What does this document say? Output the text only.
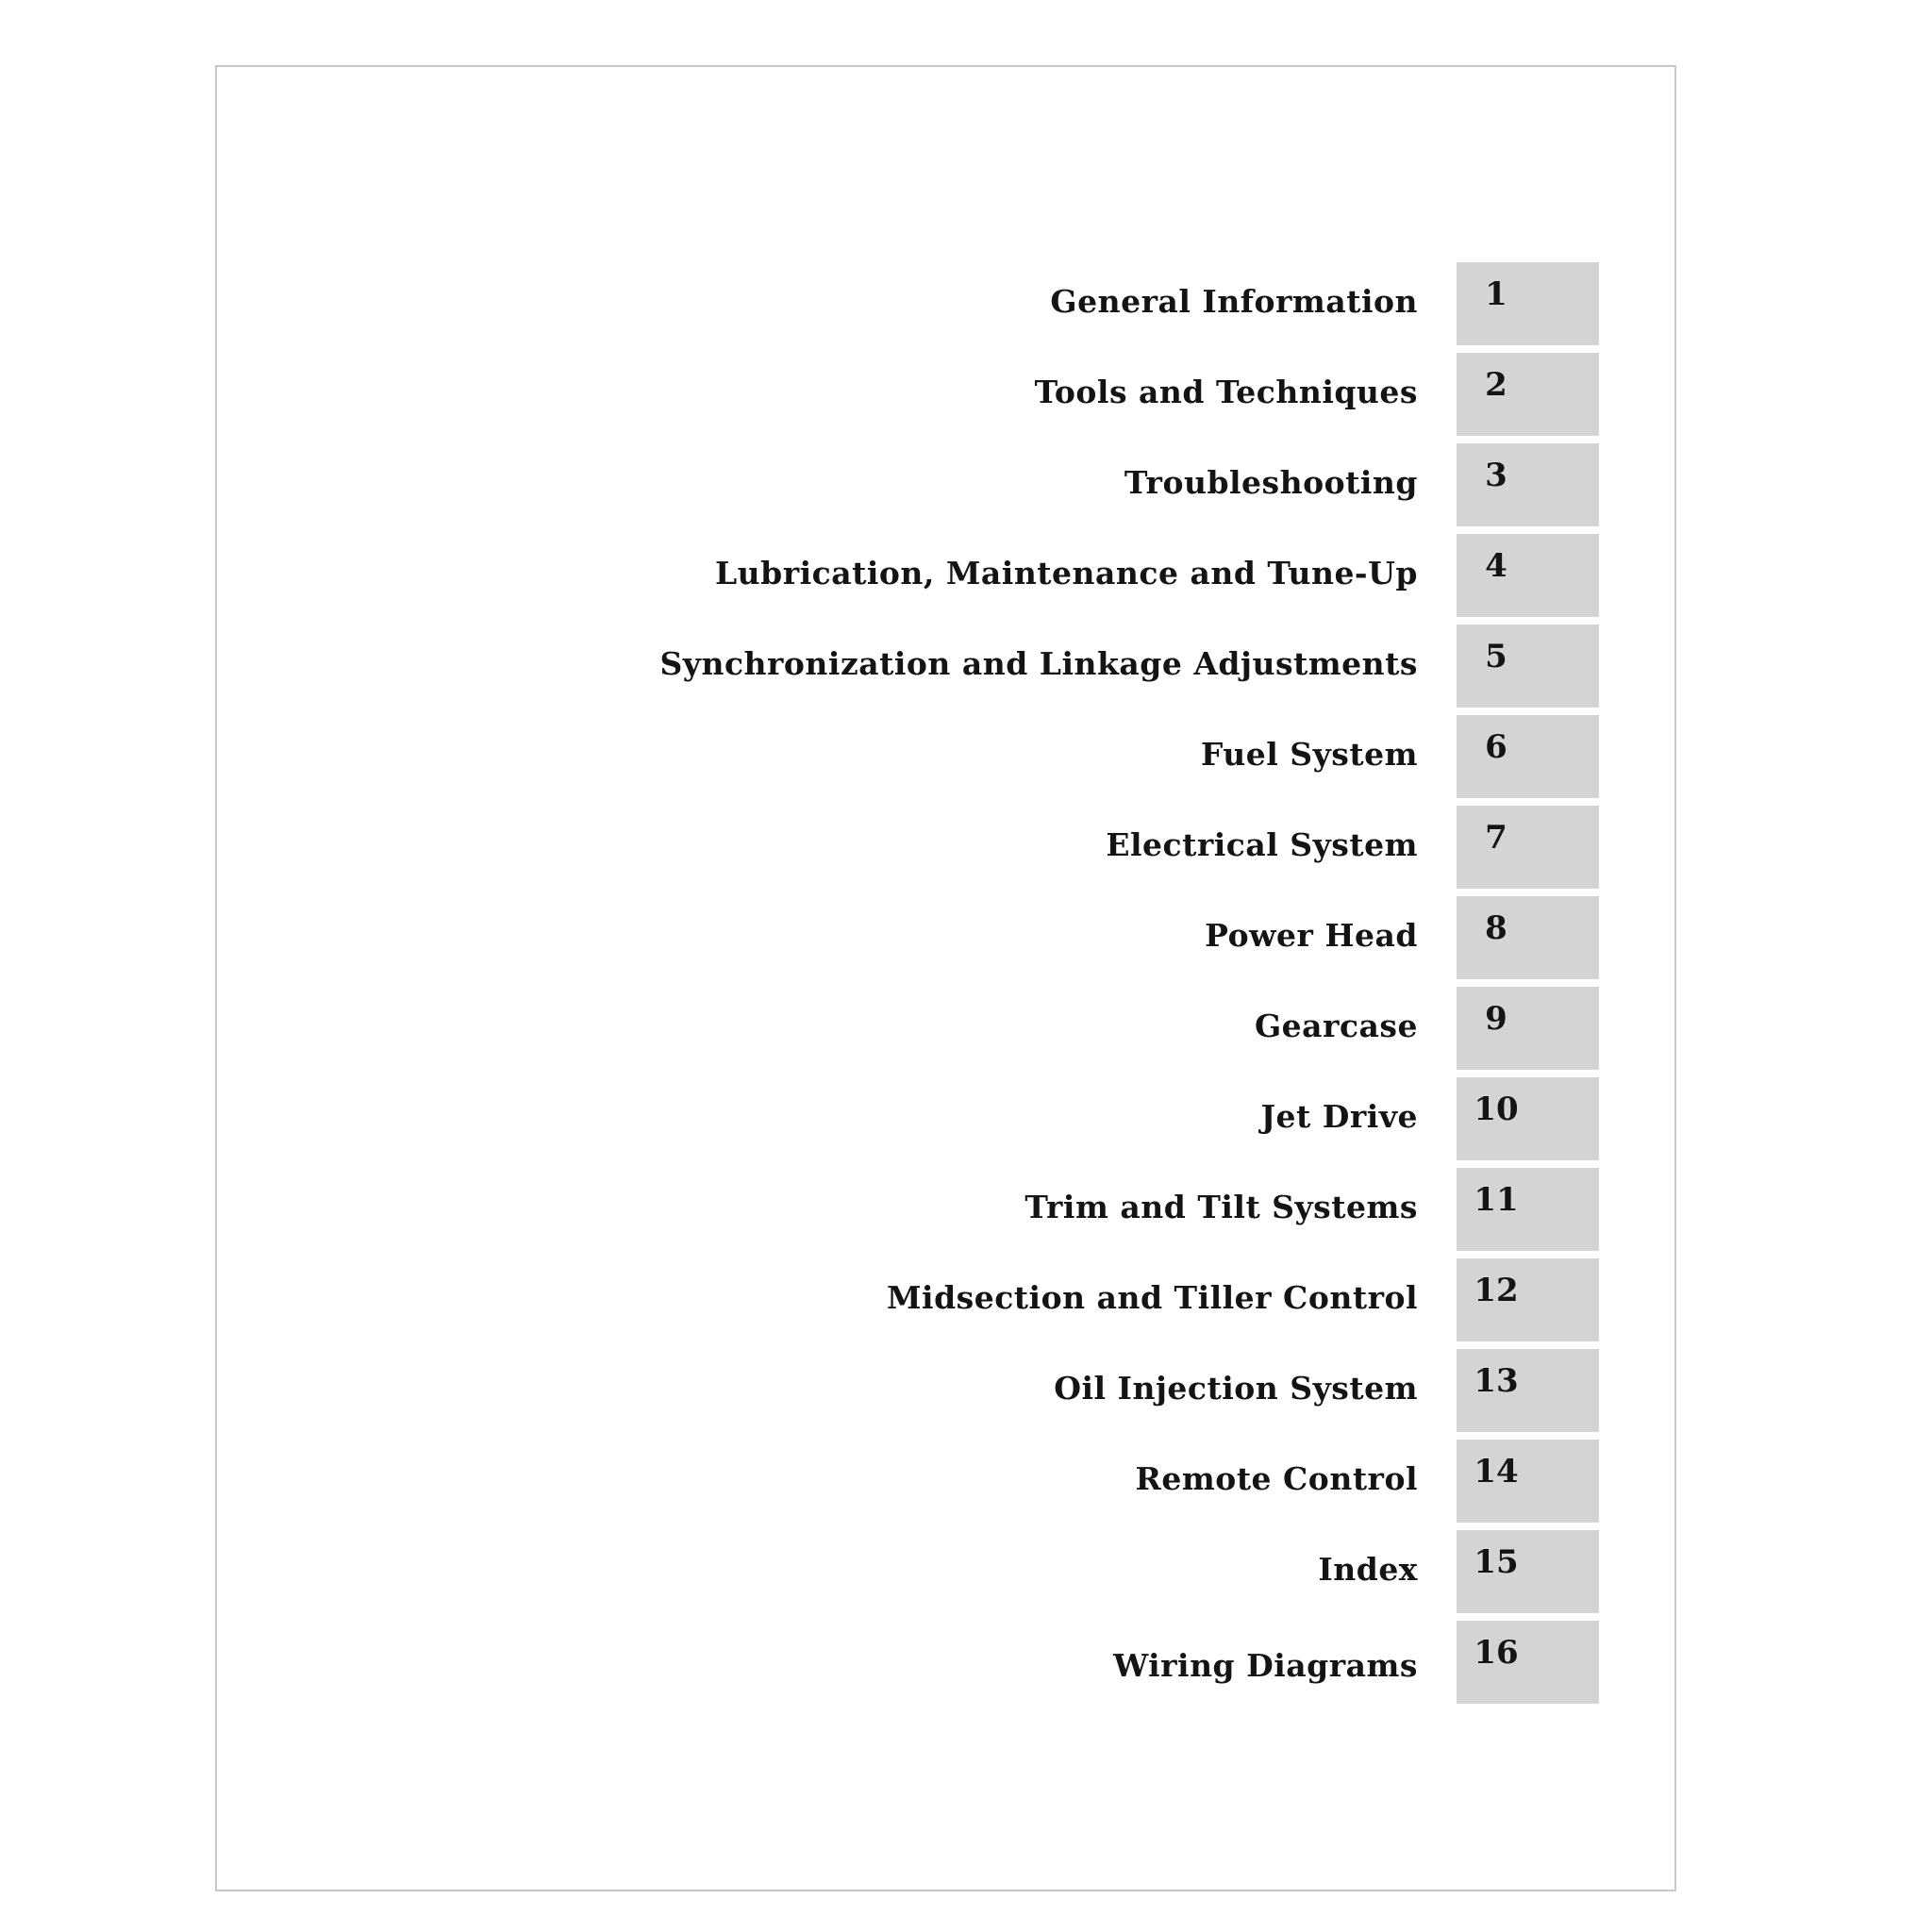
General Information	1
Tools and Techniques	2
Troubleshooting	3
Lubrication, Maintenance and Tune-Up	4
Synchronization and Linkage Adjustments	5
Fuel System	6
Electrical System	7
Power Head	8
Gearcase	9
Jet Drive	10
Trim and Tilt Systems	11
Midsection and Tiller Control	12
Oil Injection System	13
Remote Control	14
Index	15
Wiring Diagrams	16
